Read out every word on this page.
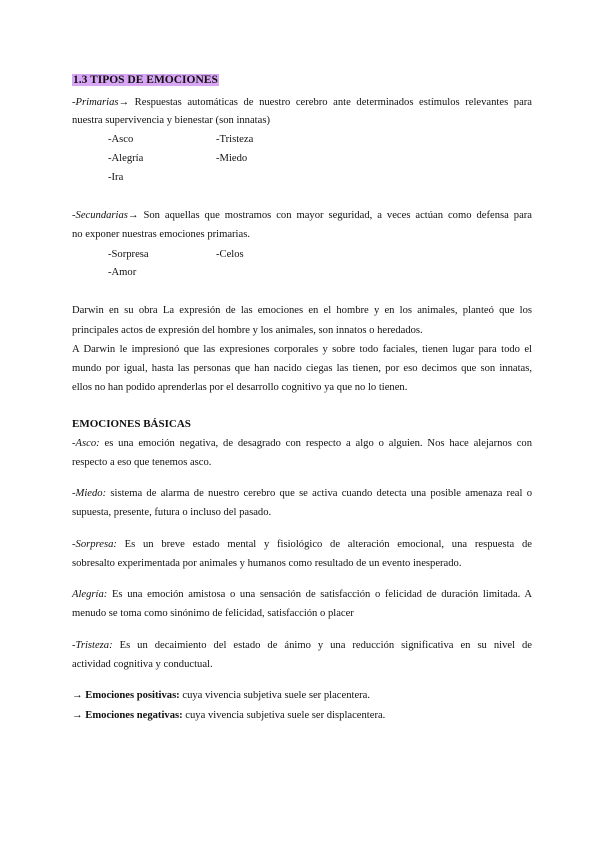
1.3 TIPOS DE EMOCIONES
-Primarias→ Respuestas automáticas de nuestro cerebro ante determinados estímulos relevantes para
nuestra supervivencia y bienestar (son innatas)
-Asco	-Tristeza
-Alegría	-Miedo
-Ira
-Secundarias→ Son aquellas que mostramos con mayor seguridad, a veces actúan como defensa para
no exponer nuestras emociones primarias.
-Sorpresa	-Celos
-Amor
Darwin en su obra La expresión de las emociones en el hombre y en los animales, planteó que los
principales actos de expresión del hombre y los animales, son innatos o heredados.
A Darwin le impresionó que las expresiones corporales y sobre todo faciales, tienen lugar para todo el
mundo por igual, hasta las personas que han nacido ciegas las tienen, por eso decimos que son innatas,
ellos no han podido aprenderlas por el desarrollo cognitivo ya que no lo tienen.
EMOCIONES BÁSICAS
-Asco: es una emoción negativa, de desagrado con respecto a algo o alguien. Nos hace alejarnos con
respecto a eso que tenemos asco.
-Miedo: sistema de alarma de nuestro cerebro que se activa cuando detecta una posible amenaza real o
supuesta, presente, futura o incluso del pasado.
-Sorpresa: Es un breve estado mental y fisiológico de alteración emocional, una respuesta de
sobresalto experimentada por animales y humanos como resultado de un evento inesperado.
Alegría: Es una emoción amistosa o una sensación de satisfacción o felicidad de duración limitada. A
menudo se toma como sinónimo de felicidad, satisfacción o placer
-Tristeza: Es un decaimiento del estado de ánimo y una reducción significativa en su nivel de
actividad cognitiva y conductual.
→ Emociones positivas: cuya vivencia subjetiva suele ser placentera.
→ Emociones negativas: cuya vivencia subjetiva suele ser displacentera.
